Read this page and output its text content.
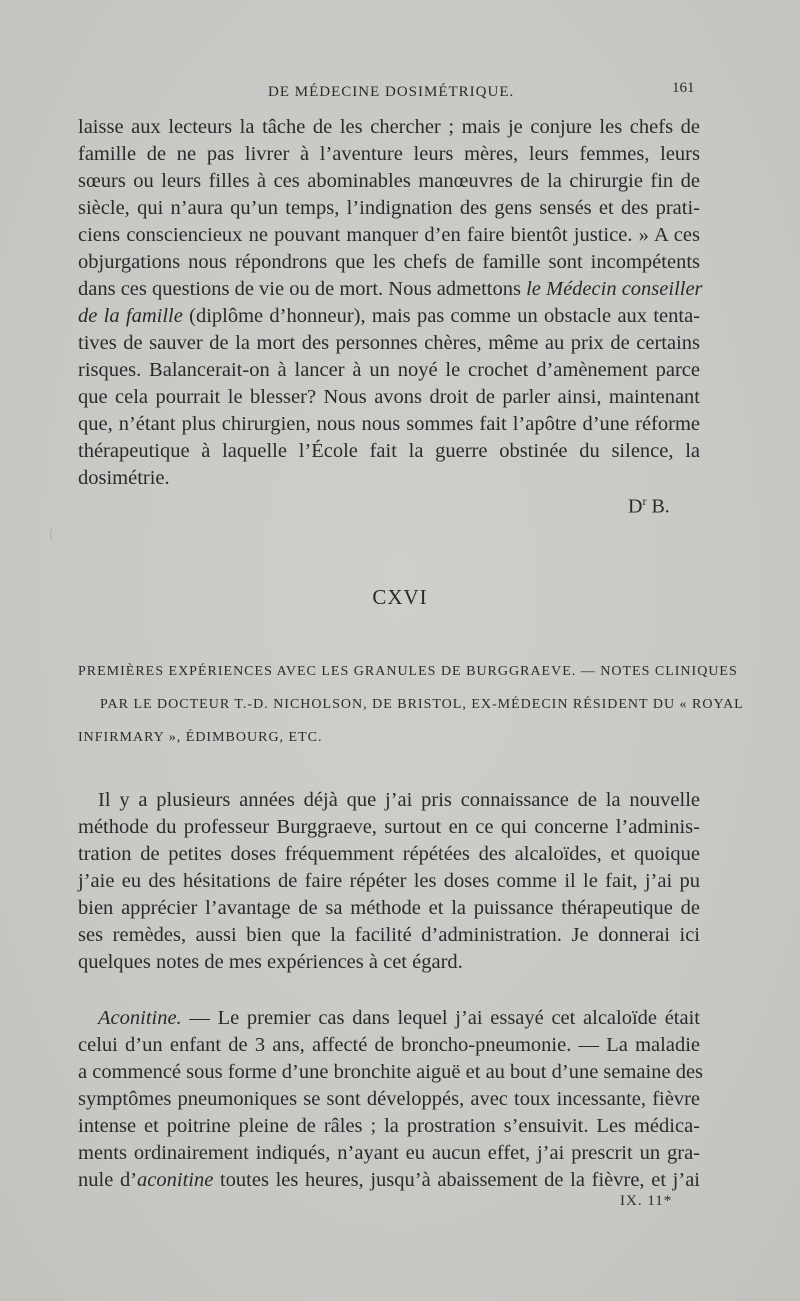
DE MÉDECINE DOSIMÉTRIQUE.	161
laisse aux lecteurs la tâche de les chercher ; mais je conjure les chefs de
famille de ne pas livrer à l’aventure leurs mères, leurs femmes, leurs
sœurs ou leurs filles à ces abominables manœuvres de la chirurgie fin de
siècle, qui n’aura qu’un temps, l’indignation des gens sensés et des prati-
ciens consciencieux ne pouvant manquer d’en faire bientôt justice. » A ces
objurgations nous répondrons que les chefs de famille sont incompétents
dans ces questions de vie ou de mort. Nous admettons le Médecin conseiller
de la famille (diplôme d’honneur), mais pas comme un obstacle aux tenta-
tives de sauver de la mort des personnes chères, même au prix de certains
risques. Balancerait-on à lancer à un noyé le crochet d’amènement parce
que cela pourrait le blesser? Nous avons droit de parler ainsi, maintenant
que, n’étant plus chirurgien, nous nous sommes fait l’apôtre d’une réforme
thérapeutique à laquelle l’École fait la guerre obstinée du silence, la
dosimétrie.
$D^r$ B.
CXVI
PREMIÈRES EXPÉRIENCES AVEC LES GRANULES DE BURGGRAEVE. — NOTES CLINIQUES
PAR LE DOCTEUR T.-D. NICHOLSON, DE BRISTOL, EX-MÉDECIN RÉSIDENT DU « ROYAL
INFIRMARY », ÉDIMBOURG, ETC.
Il y a plusieurs années déjà que j’ai pris connaissance de la nouvelle
méthode du professeur Burggraeve, surtout en ce qui concerne l’adminis-
tration de petites doses fréquemment répétées des alcaloïdes, et quoique
j’aie eu des hésitations de faire répéter les doses comme il le fait, j’ai pu
bien apprécier l’avantage de sa méthode et la puissance thérapeutique de
ses remèdes, aussi bien que la facilité d’administration. Je donnerai ici
quelques notes de mes expériences à cet égard.
Aconitine. — Le premier cas dans lequel j’ai essayé cet alcaloïde était
celui d’un enfant de 3 ans, affecté de broncho-pneumonie. — La maladie
a commencé sous forme d’une bronchite aiguë et au bout d’une semaine des
symptômes pneumoniques se sont développés, avec toux incessante, fièvre
intense et poitrine pleine de râles ; la prostration s’ensuivit. Les médica-
ments ordinairement indiqués, n’ayant eu aucun effet, j’ai prescrit un gra-
nule d’aconitine toutes les heures, jusqu’à abaissement de la fièvre, et j’ai
IX. 11*
